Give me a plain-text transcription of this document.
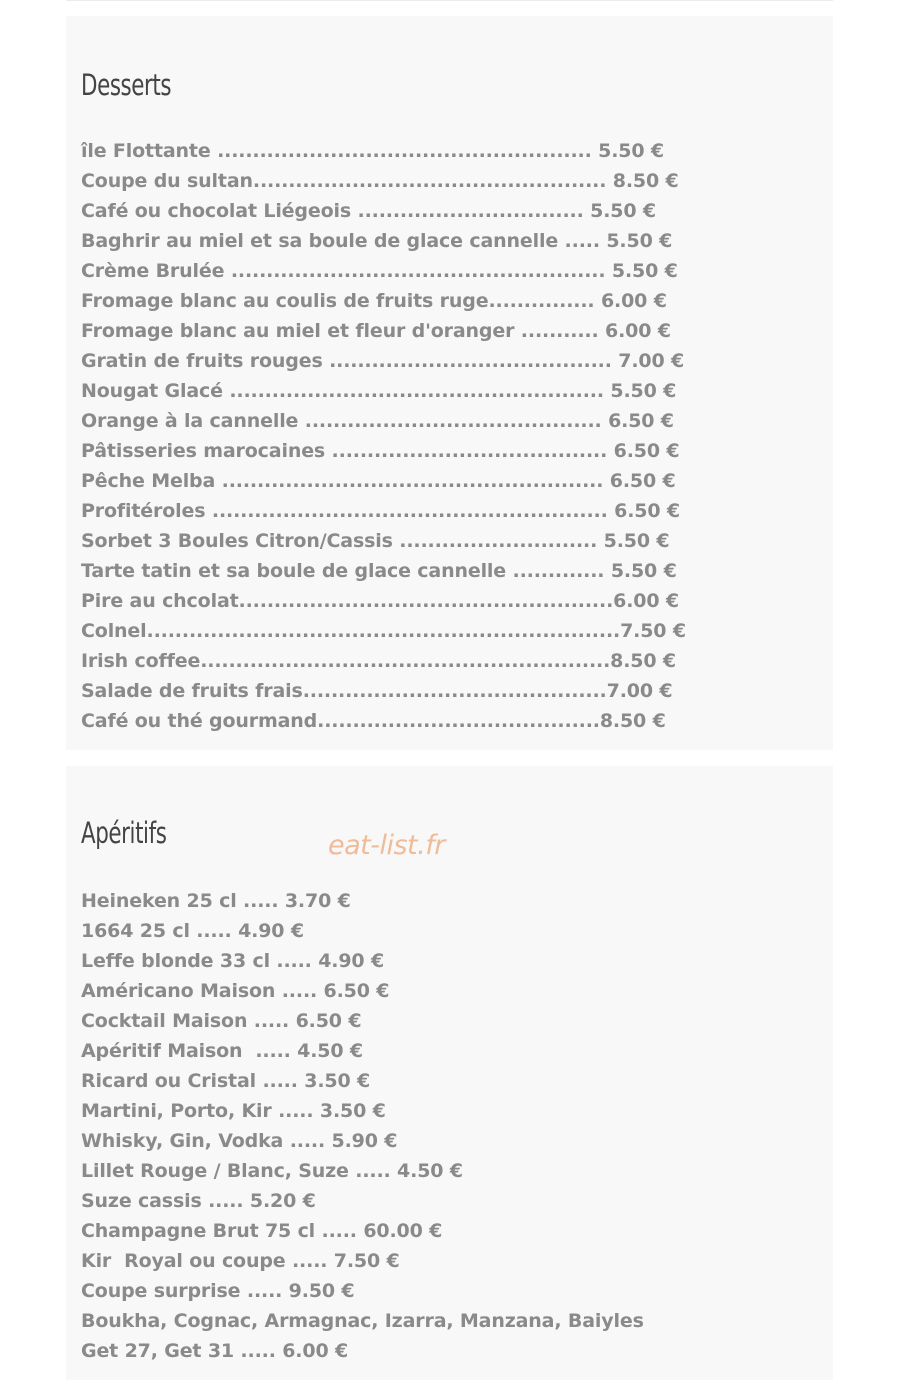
Desserts
île Flottante ..................................................... 5.50 €
Coupe du sultan.................................................. 8.50 €
Café ou chocolat Liégeois ................................ 5.50 €
Baghrir au miel et sa boule de glace cannelle ..... 5.50 €
Crème Brulée ..................................................... 5.50 €
Fromage blanc au coulis de fruits ruge............... 6.00 €
Fromage blanc au miel et fleur d'oranger ........... 6.00 €
Gratin de fruits rouges ........................................ 7.00 €
Nougat Glacé ..................................................... 5.50 €
Orange à la cannelle .......................................... 6.50 €
Pâtisseries marocaines ....................................... 6.50 €
Pêche Melba ...................................................... 6.50 €
Profitéroles ........................................................ 6.50 €
Sorbet 3 Boules Citron/Cassis ............................ 5.50 €
Tarte tatin et sa boule de glace cannelle ............. 5.50 €
Pire au chcolat.....................................................6.00 €
Colnel...................................................................7.50 €
Irish coffee..........................................................8.50 €
Salade de fruits frais...........................................7.00 €
Café ou thé gourmand........................................8.50 €
Apéritifs	eat-list.fr
Heineken 25 cl ..... 3.70 €
1664 25 cl ..... 4.90 €
Leffe blonde 33 cl ..... 4.90 €
Américano Maison ..... 6.50 €
Cocktail Maison ..... 6.50 €
Apéritif Maison  ..... 4.50 €
Ricard ou Cristal ..... 3.50 €
Martini, Porto, Kir ..... 3.50 €
Whisky, Gin, Vodka ..... 5.90 €
Lillet Rouge / Blanc, Suze ..... 4.50 €
Suze cassis ..... 5.20 €
Champagne Brut 75 cl ..... 60.00 €
Kir  Royal ou coupe ..... 7.50 €
Coupe surprise ..... 9.50 €
Boukha, Cognac, Armagnac, Izarra, Manzana, Baiyles
Get 27, Get 31 ..... 6.00 €
